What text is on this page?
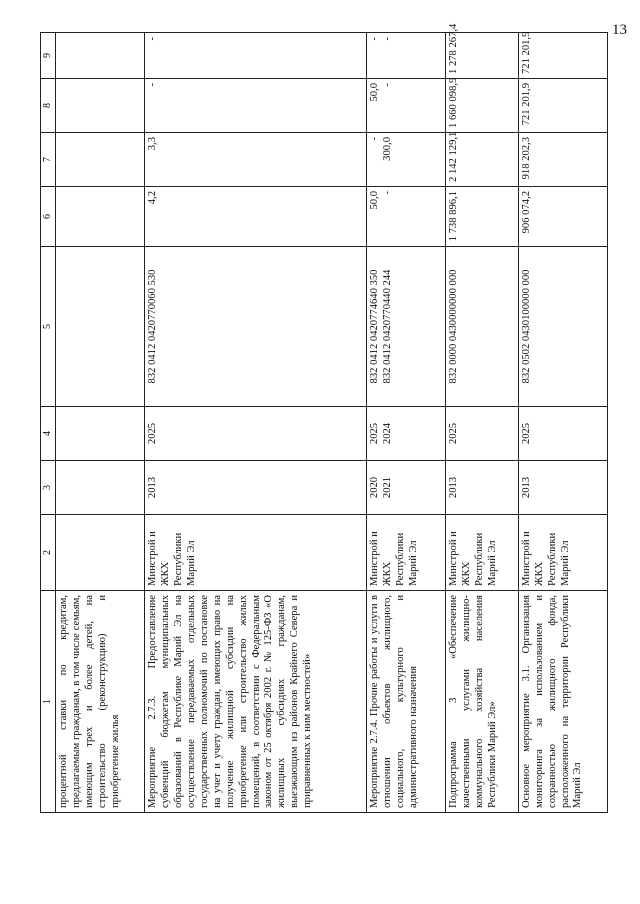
13
1	2	3	4	5	6	7	8	9
процентной ставки по кредитам, предлагаемым гражданам, в том числе семьям, имеющим трех и более детей, на строительство (реконструкцию) и приобретение жилья								
Мероприятие 2.7.3. Предоставление субвенций бюджетам муниципальных образований в Республике Марий Эл на осуществление передаваемых отдельных государственных полномочий по постановке на учет и учету граждан, имеющих право на получение жилищной субсидии на приобретение или строительство жилых помещений, в соответствии с Федеральным законом от 25 октября 2002 г. № 125-ФЗ «О жилищных субсидиях гражданам, выезжающим из районов Крайнего Севера и приравненных к ним местностей»	Минстрой и ЖКХ Республики Марий Эл	2013	2025	832 0412 0420770060 530	4,2	3,3	-	-

Мероприятие 2.7.4. Прочие работы и услуги в отношении объектов жилищного, социального, культурного и административного назначения	Минстрой и ЖКХ Республики Марий Эл	2020 2021	2025 2024	832 0412 0420774640 350 832 0412 0420770440 244	50,0 -	- 300,0	50,0 -	- -

Подпрограмма 3 «Обеспечение качественными услугами жилищно-коммунального хозяйства населения Республики Марий Эл»	Минстрой и ЖКХ Республики Марий Эл	2013	2025	832 0000 0430000000 000	1 738 896,1	2 142 129,1	1 660 098,9	1 278 267,4

Основное мероприятие 3.1. Организация мониторинга за использованием и сохранностью жилищного фонда, расположенного на территории Республики Марий Эл	Минстрой и ЖКХ Республики Марий Эл	2013	2025	832 0502 0430100000 000	906 074,2	918 202,3	721 201,9	721 201,9
